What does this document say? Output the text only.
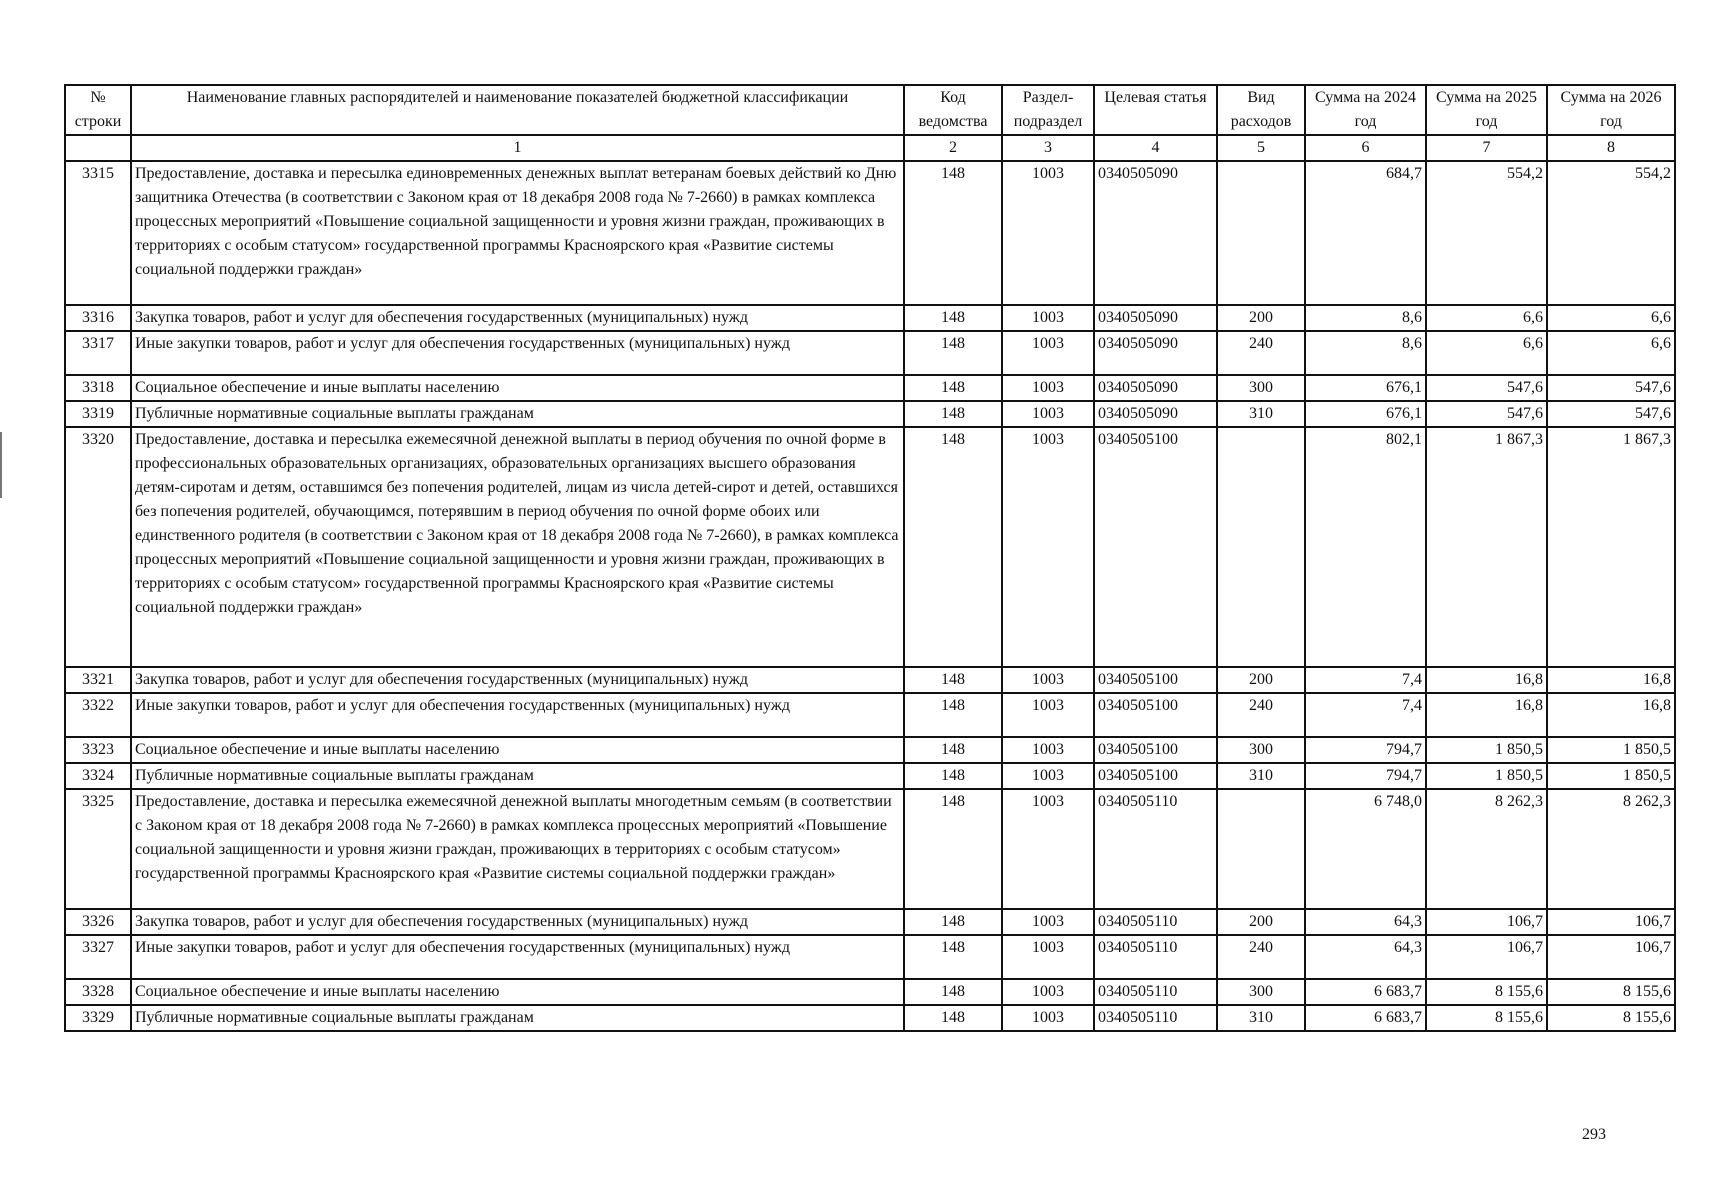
№ строки	Наименование главных распорядителей и наименование показателей бюджетной классификации	Код ведомства	Раздел-подраздел	Целевая статья	Вид расходов	Сумма на 2024 год	Сумма на 2025 год	Сумма на 2026 год
	1	2	3	4	5	6	7	8
3315	Предоставление, доставка и пересылка единовременных денежных выплат ветеранам боевых действий ко Дню защитника Отечества (в соответствии с Законом края от 18 декабря 2008 года № 7-2660) в рамках комплекса процессных мероприятий «Повышение социальной защищенности и уровня жизни граждан, проживающих в территориях с особым статусом» государственной программы Красноярского края «Развитие системы социальной поддержки граждан»	148	1003	0340505090		684,7	554,2	554,2
3316	Закупка товаров, работ и услуг для обеспечения государственных (муниципальных) нужд	148	1003	0340505090	200	8,6	6,6	6,6
3317	Иные закупки товаров, работ и услуг для обеспечения государственных (муниципальных) нужд	148	1003	0340505090	240	8,6	6,6	6,6
3318	Социальное обеспечение и иные выплаты населению	148	1003	0340505090	300	676,1	547,6	547,6
3319	Публичные нормативные социальные выплаты гражданам	148	1003	0340505090	310	676,1	547,6	547,6
3320	Предоставление, доставка и пересылка ежемесячной денежной выплаты в период обучения по очной форме в профессиональных образовательных организациях, образовательных организациях высшего образования детям-сиротам и детям, оставшимся без попечения родителей, лицам из числа детей-сирот и детей, оставшихся без попечения родителей, обучающимся, потерявшим в период обучения по очной форме обоих или единственного родителя (в соответствии с Законом края от 18 декабря 2008 года № 7-2660), в рамках комплекса процессных мероприятий «Повышение социальной защищенности и уровня жизни граждан, проживающих в территориях с особым статусом» государственной программы Красноярского края «Развитие системы социальной поддержки граждан»	148	1003	0340505100		802,1	1 867,3	1 867,3
3321	Закупка товаров, работ и услуг для обеспечения государственных (муниципальных) нужд	148	1003	0340505100	200	7,4	16,8	16,8
3322	Иные закупки товаров, работ и услуг для обеспечения государственных (муниципальных) нужд	148	1003	0340505100	240	7,4	16,8	16,8
3323	Социальное обеспечение и иные выплаты населению	148	1003	0340505100	300	794,7	1 850,5	1 850,5
3324	Публичные нормативные социальные выплаты гражданам	148	1003	0340505100	310	794,7	1 850,5	1 850,5
3325	Предоставление, доставка и пересылка ежемесячной денежной выплаты многодетным семьям (в соответствии с Законом края от 18 декабря 2008 года № 7-2660) в рамках комплекса процессных мероприятий «Повышение социальной защищенности и уровня жизни граждан, проживающих в территориях с особым статусом» государственной программы Красноярского края «Развитие системы социальной поддержки граждан»	148	1003	0340505110		6 748,0	8 262,3	8 262,3
3326	Закупка товаров, работ и услуг для обеспечения государственных (муниципальных) нужд	148	1003	0340505110	200	64,3	106,7	106,7
3327	Иные закупки товаров, работ и услуг для обеспечения государственных (муниципальных) нужд	148	1003	0340505110	240	64,3	106,7	106,7
3328	Социальное обеспечение и иные выплаты населению	148	1003	0340505110	300	6 683,7	8 155,6	8 155,6
3329	Публичные нормативные социальные выплаты гражданам	148	1003	0340505110	310	6 683,7	8 155,6	8 155,6
293
